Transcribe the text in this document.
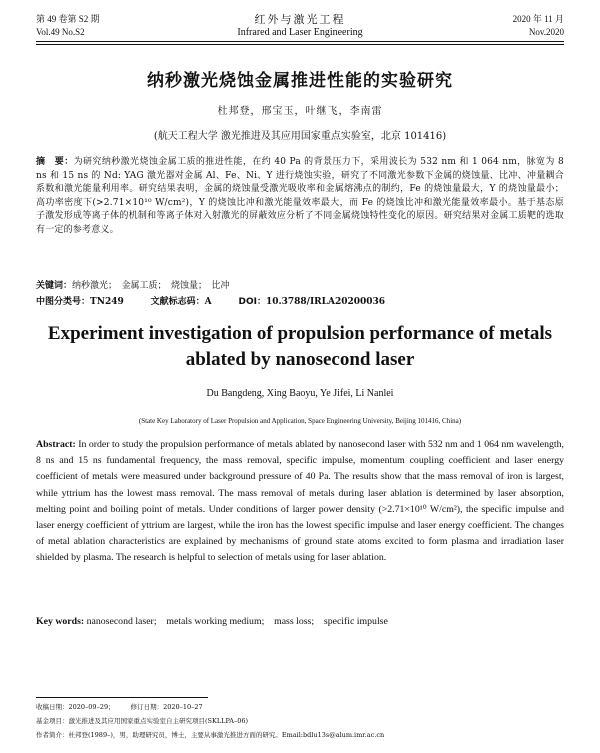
第 49 卷第 S2 期	红外与激光工程	2020 年 11 月
Vol.49 No.S2	Infrared and Laser Engineering	Nov.2020
纳秒激光烧蚀金属推进性能的实验研究
杜邦登，邢宝玉，叶继飞，李南雷
(航天工程大学 激光推进及其应用国家重点实验室，北京 101416)
摘　要：为研究纳秒激光烧蚀金属工质的推进性能，在约 40 Pa 的背景压力下，采用波长为 532 nm 和 1 064 nm，脉宽为 8 ns 和 15 ns 的 Nd: YAG 激光器对金属 Al、Fe、Ni、Y 进行烧蚀实验，研究了不同激光参数下金属的烧蚀量、比冲、冲量耦合系数和激光能量利用率。研究结果表明，金属的烧蚀量受激光吸收率和金属熔沸点的制约，Fe 的烧蚀量最大，Y 的烧蚀量最小；高功率密度下(>2.71×10¹⁰ W/cm²)，Y 的烧蚀比冲和激光能量效率最大，而 Fe 的烧蚀比冲和激光能量效率最小。基于基态原子激发形成等离子体的机制和等离子体对入射激光的屏蔽效应分析了不同金属烧蚀特性变化的原因。研究结果对金属工质靶的选取有一定的参考意义。
关键词：纳秒激光；　金属工质；　烧蚀量；　比冲
中图分类号：TN249	文献标志码：A	DOI：10.3788/IRLA20200036
Experiment investigation of propulsion performance of metals
ablated by nanosecond laser
Du Bangdeng, Xing Baoyu, Ye Jifei, Li Nanlei
(State Key Laboratory of Laser Propulsion and Application, Space Engineering University, Beijing 101416, China)
Abstract: In order to study the propulsion performance of metals ablated by nanosecond laser with 532 nm and 1 064 nm wavelength, 8 ns and 15 ns fundamental frequency, the mass removal, specific impulse, momentum coupling coefficient and laser energy coefficient of metals were measured under background pressure of 40 Pa. The results show that the mass removal of iron is largest, while yttrium has the lowest mass removal. The mass removal of metals during laser ablation is determined by laser absorption, melting point and boiling point of metals. Under conditions of larger power density (>2.71×10¹⁰ W/cm²), the specific impulse and laser energy coefficient of yttrium are largest, while the iron has the lowest specific impulse and laser energy coefficient. The changes of metal ablation characteristics are explained by mechanisms of ground state atoms excited to form plasma and irradiation laser shielded by plasma. The research is helpful to selection of metals using for laser ablation.
Key words: nanosecond laser;　metals working medium;　mass loss;　specific impulse
收稿日期：2020–09–29； 修订日期：2020–10–27
基金项目：激光推进及其应用国家重点实验室自主研究项目(SKLLPA–06)
作者简介：杜邦登(1989–)，男，助理研究员，博士，主要从事激光推进方面的研究。Email:bdlu13s@alum.imr.ac.cn
